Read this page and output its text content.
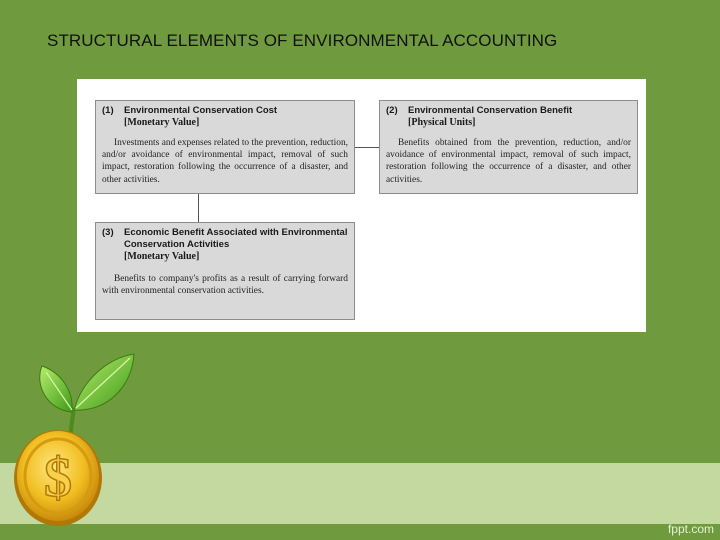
STRUCTURAL ELEMENTS OF ENVIRONMENTAL ACCOUNTING
fppt.com
$
(1)	Environmental Conservation Cost
[Monetary Value]
Investments and expenses related to the prevention, reduction, and/or avoidance of environmental impact, removal of such impact, restoration following the occurrence of a disaster, and other activities.
(2)	Environmental Conservation Benefit
[Physical Units]
Benefits obtained from the prevention, reduction, and/or avoidance of environmental impact, removal of such impact, restoration following the occurrence of a disaster, and other activities.
(3)	Economic Benefit Associated with Environmental Conservation Activities
[Monetary Value]
Benefits to company's profits as a result of carrying forward with environmental conservation activities.
